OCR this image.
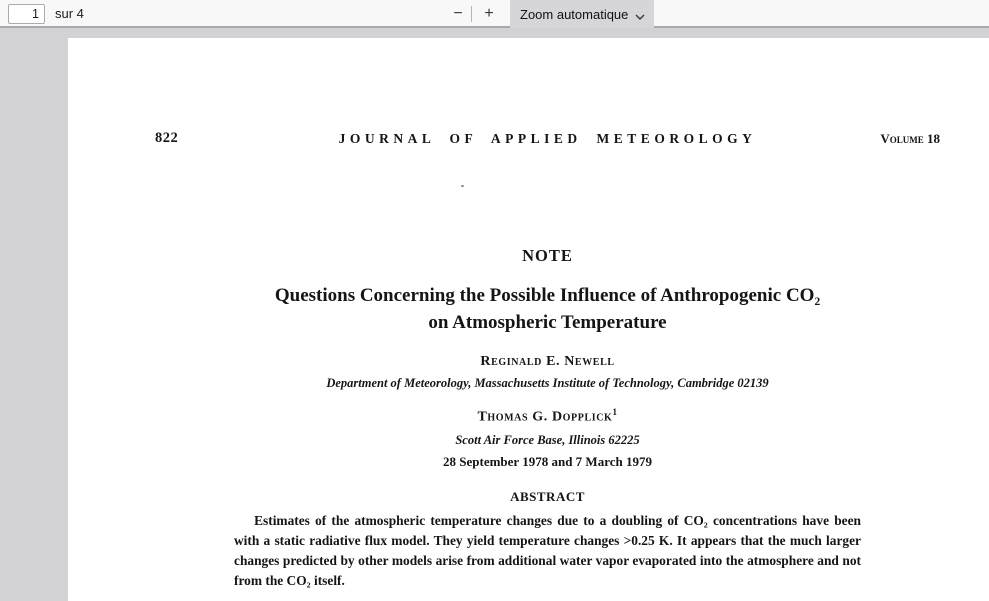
1
sur 4	−	+	Zoom automatique
822	JOURNAL OF APPLIED METEOROLOGY	Volume 18
NOTE
Questions Concerning the Possible Influence of Anthropogenic CO₂
on Atmospheric Temperature
Reginald E. Newell
Department of Meteorology, Massachusetts Institute of Technology, Cambridge 02139
Thomas G. Dopplick$^1$
Scott Air Force Base, Illinois 62225
28 September 1978 and 7 March 1979
ABSTRACT
Estimates of the atmospheric temperature changes due to a doubling of CO₂ concentrations have been with a static radiative flux model. They yield temperature changes >0.25 K. It appears that the much larger changes predicted by other models arise from additional water vapor evaporated into the atmosphere and not from the CO₂ itself.
